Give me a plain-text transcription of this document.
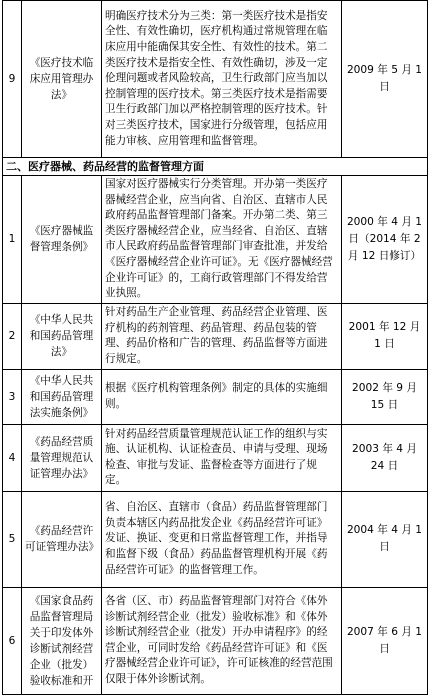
9	《医疗技术临床应用管理办法》	明确医疗技术分为三类：第一类医疗技术是指安全性、有效性确切，医疗机构通过常规管理在临床应用中能确保其安全性、有效性的技术。第二类医疗技术是指安全性、有效性确切，涉及一定伦理问题或者风险较高，卫生行政部门应当加以控制管理的医疗技术。第三类医疗技术是指需要卫生行政部门加以严格控制管理的医疗技术。针对三类医疗技术，国家进行分级管理，包括应用能力审核、应用管理和监督管理。	2009 年 5 月 1 日
二、医疗器械、药品经营的监督管理方面			
1	《医疗器械监督管理条例》	国家对医疗器械实行分类管理。开办第一类医疗器械经营企业，应当向省、自治区、直辖市人民政府药品监督管理部门备案。开办第二类、第三类医疗器械经营企业，应当经省、自治区、直辖市人民政府药品监督管理部门审查批准，并发给《医疗器械经营企业许可证》。无《医疗器械经营企业许可证》的，工商行政管理部门不得发给营业执照。	2000 年 4 月 1 日（2014 年 2 月 12 日修订）
2	《中华人民共和国药品管理法》	针对药品生产企业管理、药品经营企业管理、医疗机构的药剂管理、药品管理、药品包装的管理、药品价格和广告的管理、药品监督等方面进行规定。	2001 年 12 月 1 日
3	《中华人民共和国药品管理法实施条例》	根据《医疗机构管理条例》制定的具体的实施细则。	2002 年 9 月 15 日
4	《药品经营质量管理规范认证管理办法》	针对药品经营质量管理规范认证工作的组织与实施、认证机构、认证检查员、申请与受理、现场检查、审批与发证、监督检查等方面进行了规定。	2003 年 4 月 24 日
5	《药品经营许可证管理办法》	省、自治区、直辖市（食品）药品监督管理部门负责本辖区内药品批发企业《药品经营许可证》发证、换证、变更和日常监督管理工作，并指导和监督下级（食品）药品监督管理机构开展《药品经营许可证》的监督管理工作。	2004 年 4 月 1 日
6	《国家食品药品监督管理局关于印发体外诊断试剂经营企业（批发）验收标准和开	各省（区、市）药品监督管理部门对符合《体外诊断试剂经营企业（批发）验收标准》和《体外诊断试剂经营企业（批发）开办申请程序》的经营企业，可同时发给《药品经营许可证》和《医疗器械经营企业许可证》，许可证核准的经营范围仅限于体外诊断试剂。	2007 年 6 月 1 日
